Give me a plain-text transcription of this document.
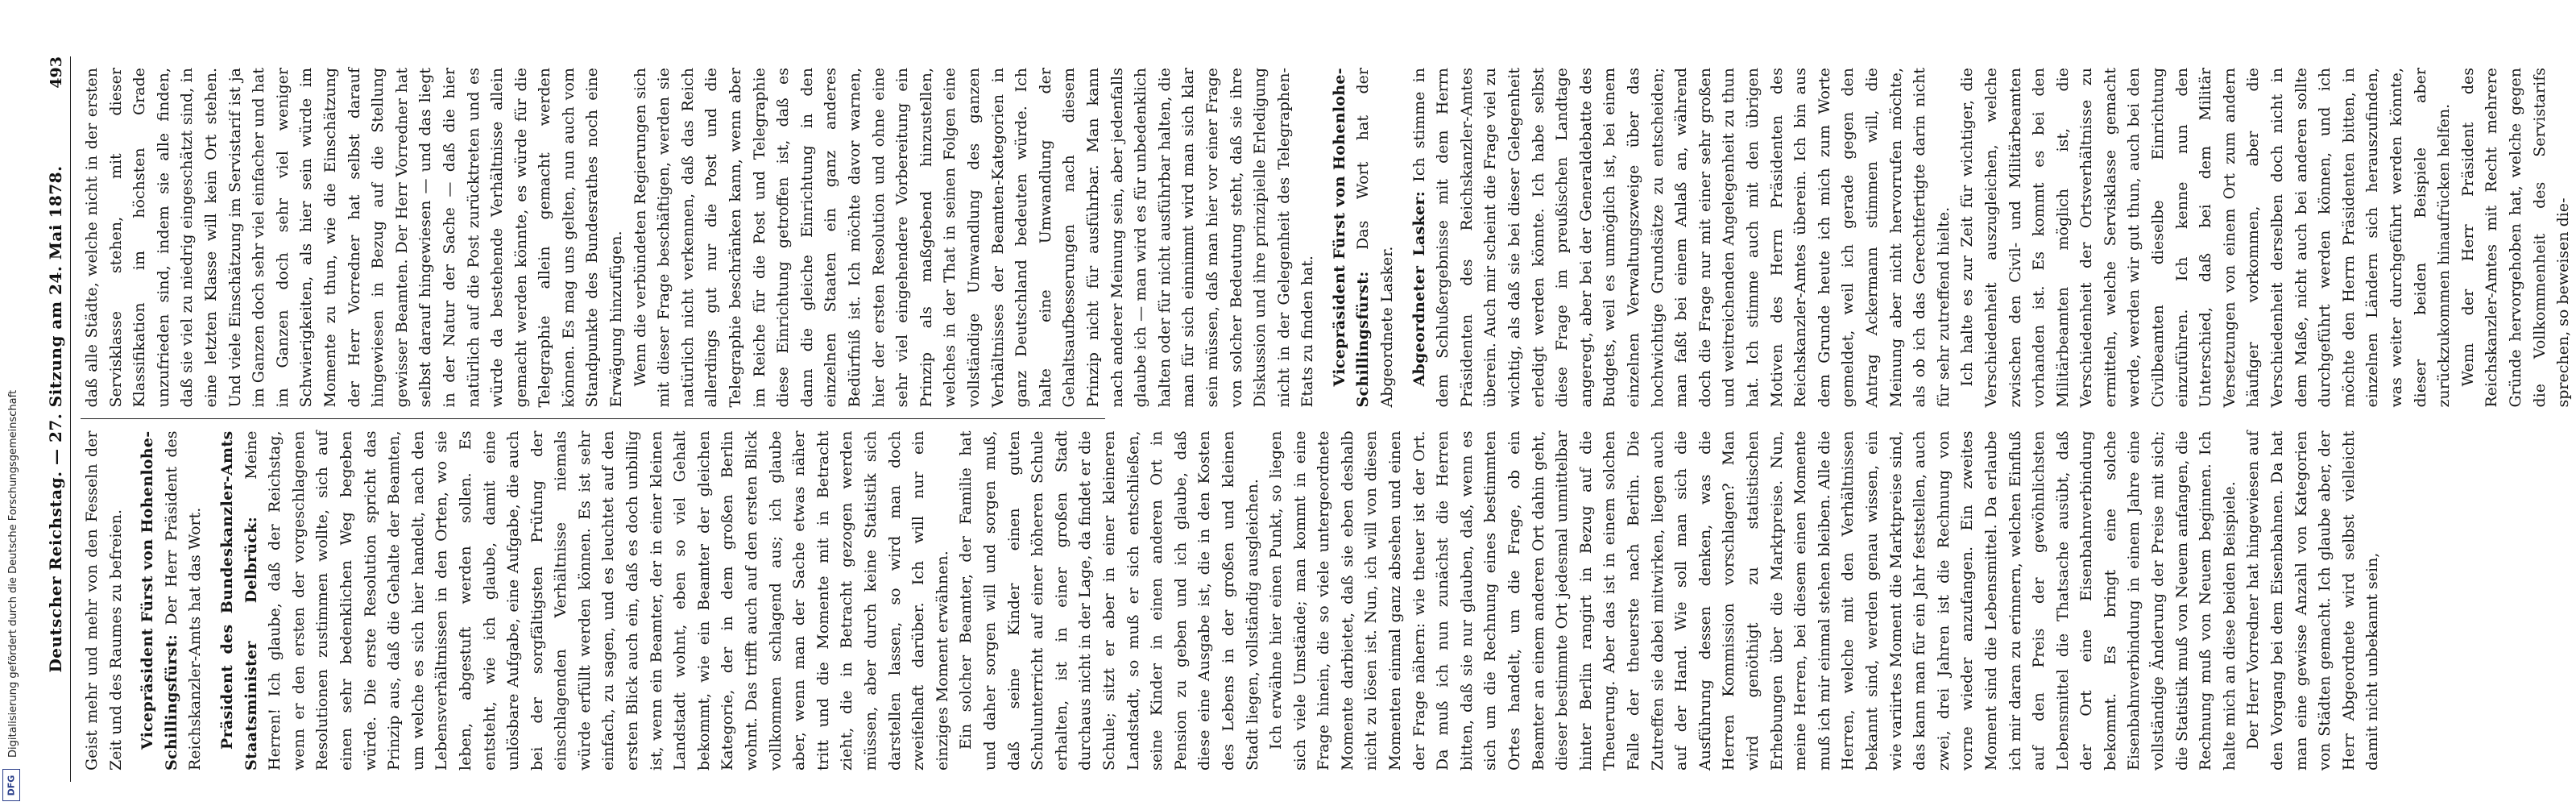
Deutscher Reichstag. — 27. Sitzung am 24. Mai 1878.
493

Geist mehr und mehr von den Fesseln der Zeit und des Raumes zu befreien. Vicepräsident Fürst von Hohenlohe-Schillingsfürst: Der Herr Präsident des Reichskanzler-Amts hat das Wort. Präsident des Bundeskanzler-Amts Staatsminister Delbrück: Meine Herren! Ich glaube, daß der Reichstag, wenn er den ersten der vorgeschlagenen Resolutionen zustimmen wollte, sich auf einen sehr bedenklichen Weg begeben würde. Die erste Resolution spricht das Prinzip aus, daß die Gehalte der Beamten, um welche es sich hier handelt, nach den Lebensverhältnissen in den Orten, wo sie leben, abgestuft werden sollen. Es entsteht, wie ich glaube, damit eine unlösbare Aufgabe, eine Aufgabe, die auch bei der sorgfältigsten Prüfung der einschlagenden Verhältnisse niemals würde erfüllt werden können. Es ist sehr einfach, zu sagen, und es leuchtet auf den ersten Blick auch ein, daß es doch unbillig ist, wenn ein Beamter, der in einer kleinen Landstadt wohnt, eben so viel Gehalt bekommt, wie ein Beamter der gleichen Kategorie, der in dem großen Berlin wohnt. Das trifft auch auf den ersten Blick vollkommen schlagend aus; ich glaube aber, wenn man der Sache etwas näher tritt und die Momente mit in Betracht zieht, die in Betracht gezogen werden müssen, aber durch keine Statistik sich darstellen lassen, so wird man doch zweifelhaft darüber. Ich will nur ein einziges Moment erwähnen. Ein solcher Beamter, der Familie hat und daher sorgen will und sorgen muß, daß seine Kinder einen guten Schulunterricht auf einer höheren Schule erhalten, ist in einer großen Stadt durchaus nicht in der Lage, da findet er die Schule; sitzt er aber in einer kleineren Landstadt, so muß er sich entschließen, seine Kinder in einen anderen Ort in Pension zu geben und ich glaube, daß diese eine Ausgabe ist, die in den Kosten des Lebens in der großen und kleinen Stadt liegen, vollständig ausgleichen. Ich erwähne hier einen Punkt, so liegen sich viele Umstände; man kommt in eine Frage hinein, die so viele untergeordnete Momente darbietet, daß sie eben deshalb nicht zu lösen ist. Nun, ich will von diesen Momenten einmal ganz absehen und einen der Frage nähern: wie theuer ist der Ort. Da muß ich nun zunächst die Herren bitten, daß sie nur glauben, daß, wenn es sich um die Rechnung eines bestimmten Ortes handelt, um die Frage, ob ein Beamter an einem anderen Ort dahin geht, dieser bestimmte Ort jedesmal unmittelbar hinter Berlin rangirt in Bezug auf die Theuerung. Aber das ist in einem solchen Falle der theuerste nach Berlin. Die Zutreffen sie dabei mitwirken, liegen auch auf der Hand. Wie soll man sich die Ausführung dessen denken, was die Herren Kommission vorschlagen? Man wird genöthigt zu statistischen Erhebungen über die Marktpreise. Nun, meine Herren, bei diesem einen Momente muß ich mir einmal stehen bleiben. Alle die Herren, welche mit den Verhältnissen bekannt sind, werden genau wissen, ein wie variirtes Moment die Marktpreise sind, das kann man für ein Jahr feststellen, auch zwei, drei Jahren ist die Rechnung von vorne wieder anzufangen. Ein zweites Moment sind die Lebensmittel. Da erlaube ich mir daran zu erinnern, welchen Einfluß auf den Preis der gewöhnlichsten Lebensmittel die Thatsache ausübt, daß der Ort eine Eisenbahnverbindung bekommt. Es bringt eine solche Eisenbahnverbindung in einem Jahre eine vollständige Änderung der Preise mit sich; die Statistik muß von Neuem anfangen, die Rechnung muß von Neuem beginnen. Ich halte mich an diese beiden Beispiele. Der Herr Vorredner hat hingewiesen auf den Vorgang bei dem Eisenbahnen. Da hat man eine gewisse Anzahl von Kategorien von Städten gemacht. Ich glaube aber, der Herr Abgeordnete wird selbst vielleicht damit nicht unbekannt sein,

daß alle Städte, welche nicht in der ersten Servisklasse stehen, mit dieser Klassifikation im höchsten Grade unzufrieden sind, indem sie alle finden, daß sie viel zu niedrig eingeschätzt sind, in eine letzten Klasse will kein Ort stehen. Und viele Einschätzung im Servistarif ist ja im Ganzen doch sehr viel einfacher und hat im Ganzen doch sehr viel weniger Schwierigkeiten, als hier sein würde im Momente zu thun, wie die Einschätzung der Herr Vorredner hat selbst darauf hingewiesen in Bezug auf die Stellung gewisser Beamten. Der Herr Vorredner hat selbst darauf hingewiesen — und das liegt in der Natur der Sache — daß die hier natürlich auf die Post zurücktreten und es würde da bestehende Verhältnisse allein gemacht werden könnte, es würde für die Telegraphie allein gemacht werden können. Es mag uns gelten, nun auch vom Standpunkte des Bundesrathes noch eine Erwägung hinzufügen. Wenn die verbündeten Regierungen sich mit dieser Frage beschäftigen, werden sie natürlich nicht verkennen, daß das Reich allerdings gut nur die Post und die Telegraphie beschränken kann, wenn aber im Reiche für die Post und Telegraphie diese Einrichtung getroffen ist, daß es dann die gleiche Einrichtung in den einzelnen Staaten ein ganz anderes Bedürfniß ist. Ich möchte davor warnen, hier der ersten Resolution und ohne eine sehr viel eingehendere Vorbereitung ein Prinzip als maßgebend hinzustellen, welches in der That in seinen Folgen eine vollständige Umwandlung des ganzen Verhältnisses der Beamten-Kategorien in ganz Deutschland bedeuten würde. Ich halte eine Umwandlung der Gehaltsaufbesserungen nach diesem Prinzip nicht für ausführbar. Man kann nach anderer Meinung sein, aber jedenfalls glaube ich — man wird es für unbedenklich halten oder für nicht ausführbar halten, die man für sich einnimmt wird man sich klar sein müssen, daß man hier vor einer Frage von solcher Bedeutung steht, daß sie ihre Diskussion und ihre prinzipielle Erledigung nicht in der Gelegenheit des Telegraphen-Etats zu finden hat. Vicepräsident Fürst von Hohenlohe-Schillingsfürst: Das Wort hat der Abgeordnete Lasker. Abgeordneter Lasker: Ich stimme in dem Schlußergebnisse mit dem Herrn Präsidenten des Reichskanzler-Amtes überein. Auch mir scheint die Frage viel zu wichtig, als daß sie bei dieser Gelegenheit erledigt werden könnte. Ich habe selbst diese Frage im preußischen Landtage angeregt, aber bei der Generaldebatte des Budgets, weil es unmöglich ist, bei einem einzelnen Verwaltungszweige über das hochwichtige Grundsätze zu entscheiden; man faßt bei einem Anlaß an, während doch die Frage nur mit einer sehr großen und weitreichenden Angelegenheit zu thun hat. Ich stimme auch mit den übrigen Motiven des Herrn Präsidenten des Reichskanzler-Amtes überein. Ich bin aus dem Grunde heute ich mich zum Worte gemeldet, weil ich gerade gegen den Antrag Ackermann stimmen will, die Meinung aber nicht hervorrufen möchte, als ob ich das Gerechtfertigte darin nicht für sehr zutreffend hielte. Ich halte es zur Zeit für wichtiger, die Verschiedenheit auszugleichen, welche zwischen den Civil- und Militärbeamten vorhanden ist. Es kommt es bei den Militärbeamten möglich ist, die Verschiedenheit der Ortsverhältnisse zu ermitteln, welche Servisklasse gemacht werde, werden wir gut thun, auch bei den Civilbeamten dieselbe Einrichtung einzuführen. Ich kenne nun den Unterschied, daß bei dem Militär Versetzungen von einem Ort zum andern häufiger vorkommen, aber die Verschiedenheit derselben doch nicht in dem Maße, nicht auch bei anderen sollte durchgeführt werden können, und ich möchte den Herrn Präsidenten bitten, in einzelnen Ländern sich herauszufinden, was weiter durchgeführt werden könnte, dieser beiden Beispiele aber zurückzukommen hinaufrücken helfen. Wenn der Herr Präsident des Reichskanzler-Amtes mit Recht mehrere Gründe hervorgehoben hat, welche gegen die Vollkommenheit des Servistarifs sprechen, so beweisen die-

Digitalisierung gefördert durch die Deutsche Forschungsgemeinschaft
DFG
